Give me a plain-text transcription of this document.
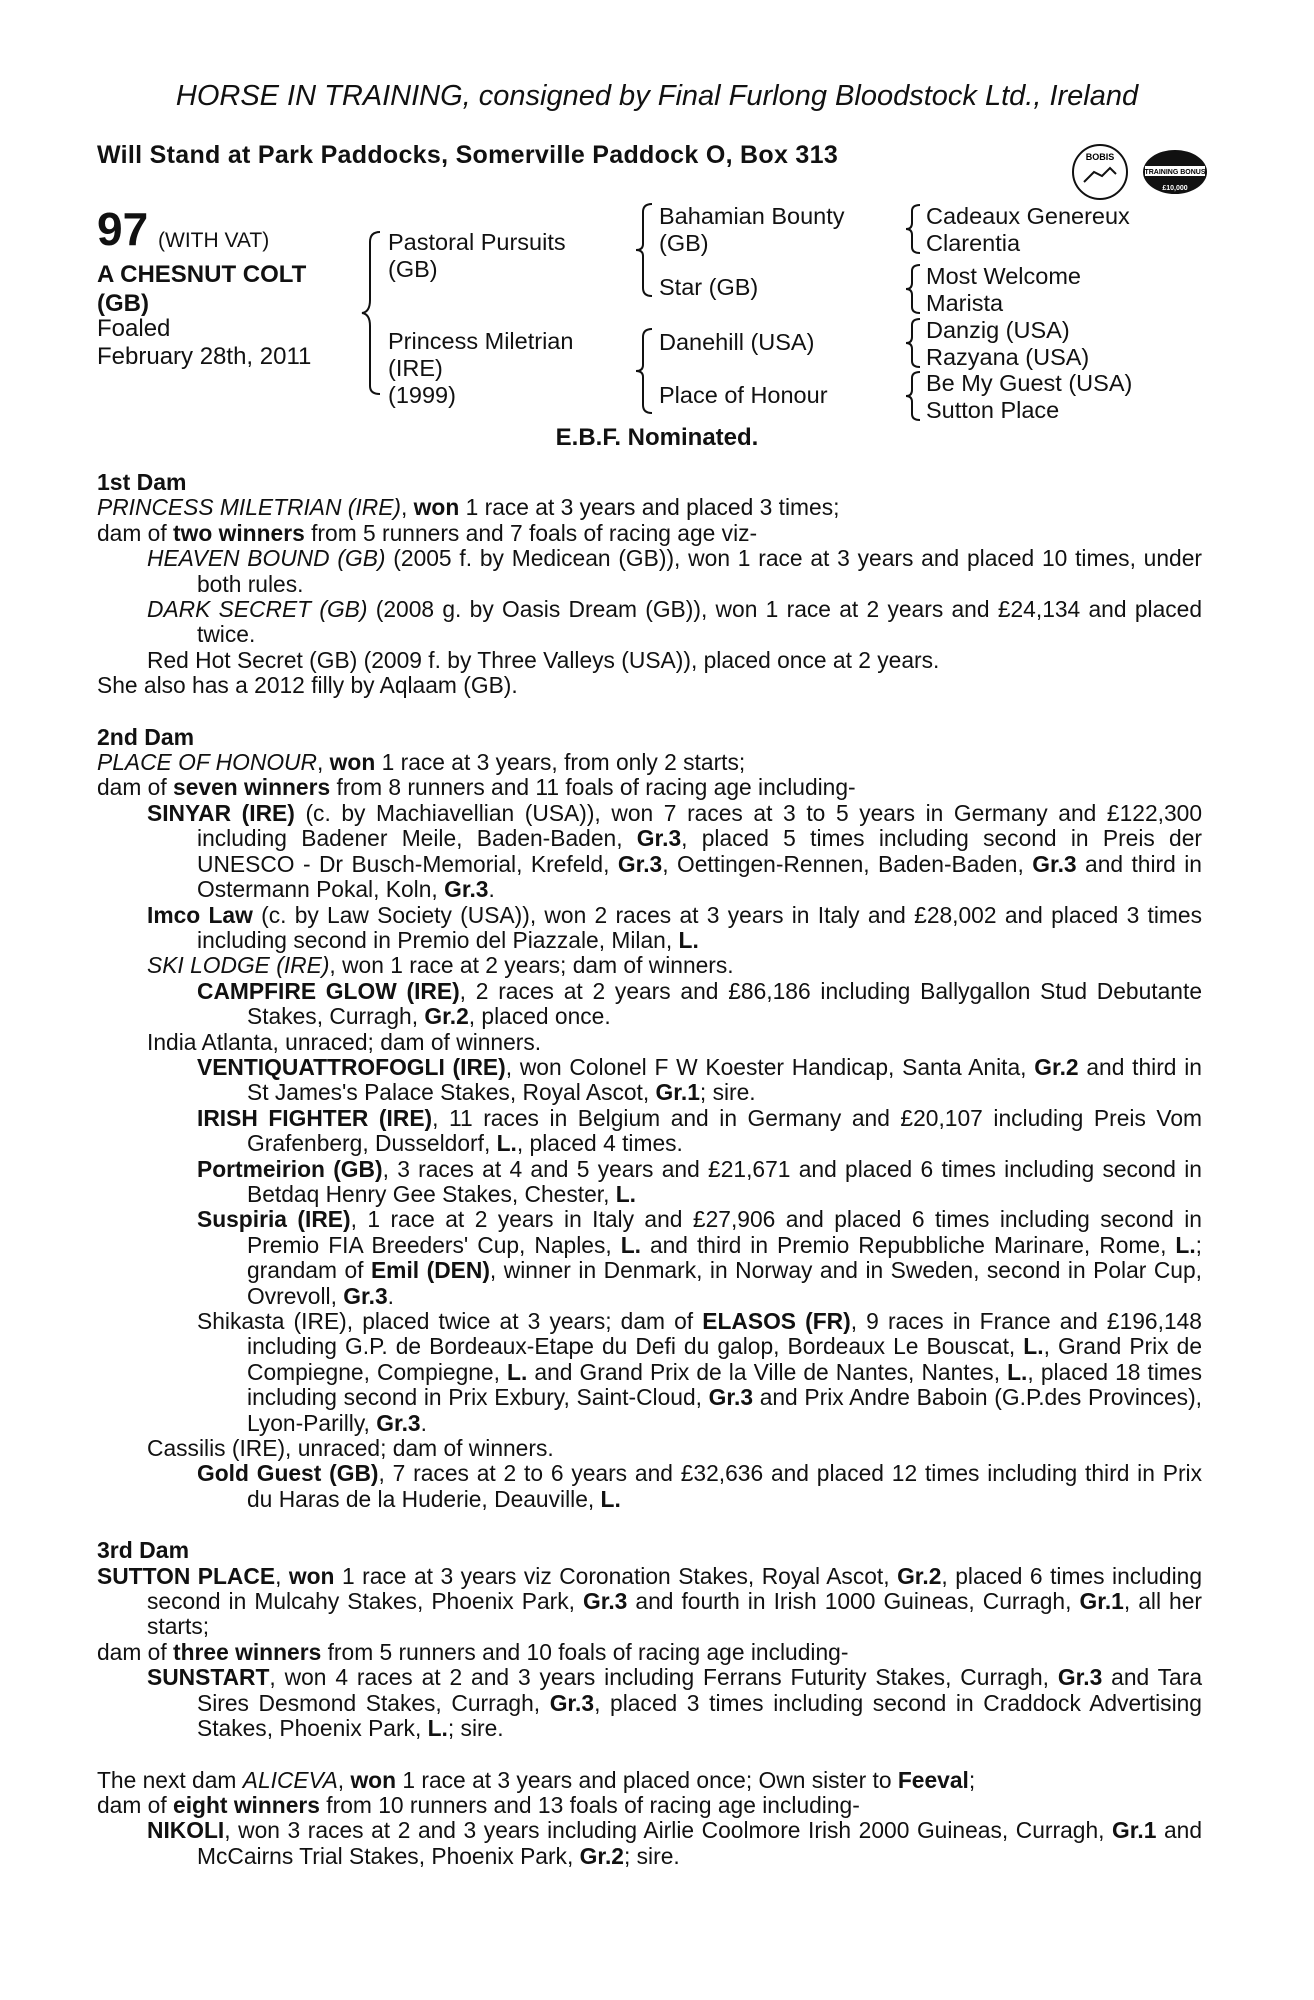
HORSE IN TRAINING, consigned by Final Furlong Bloodstock Ltd., Ireland
Will Stand at Park Paddocks, Somerville Paddock O, Box 313	BOBIS
TRAINING BONUS
£10,000
97 (WITH VAT)
A CHESNUT COLT
(GB)
Foaled
February 28th, 2011
Pastoral Pursuits
(GB)
Princess Miletrian
(IRE)
(1999)
Bahamian Bounty
(GB)
Star (GB)
Danehill (USA)
Place of Honour
Cadeaux Genereux
Clarentia
Most Welcome
Marista
Danzig (USA)
Razyana (USA)
Be My Guest (USA)
Sutton Place
E.B.F. Nominated.
1st Dam

PRINCESS MILETRIAN (IRE), won 1 race at 3 years and placed 3 times;

dam of two winners from 5 runners and 7 foals of racing age viz-

HEAVEN BOUND (GB) (2005 f. by Medicean (GB)), won 1 race at 3 years and placed 10 times, under both rules.

DARK SECRET (GB) (2008 g. by Oasis Dream (GB)), won 1 race at 2 years and £24,134 and placed twice.

Red Hot Secret (GB) (2009 f. by Three Valleys (USA)), placed once at 2 years.

She also has a 2012 filly by Aqlaam (GB).

2nd Dam

PLACE OF HONOUR, won 1 race at 3 years, from only 2 starts;

dam of seven winners from 8 runners and 11 foals of racing age including-

SINYAR (IRE) (c. by Machiavellian (USA)), won 7 races at 3 to 5 years in Germany and £122,300 including Badener Meile, Baden-Baden, Gr.3, placed 5 times including second in Preis der UNESCO - Dr Busch-Memorial, Krefeld, Gr.3, Oettingen-Rennen, Baden-Baden, Gr.3 and third in Ostermann Pokal, Koln, Gr.3.

Imco Law (c. by Law Society (USA)), won 2 races at 3 years in Italy and £28,002 and placed 3 times including second in Premio del Piazzale, Milan, L.

SKI LODGE (IRE), won 1 race at 2 years; dam of winners.

CAMPFIRE GLOW (IRE), 2 races at 2 years and £86,186 including Ballygallon Stud Debutante Stakes, Curragh, Gr.2, placed once.

India Atlanta, unraced; dam of winners.

VENTIQUATTROFOGLI (IRE), won Colonel F W Koester Handicap, Santa Anita, Gr.2 and third in St James's Palace Stakes, Royal Ascot, Gr.1; sire.

IRISH FIGHTER (IRE), 11 races in Belgium and in Germany and £20,107 including Preis Vom Grafenberg, Dusseldorf, L., placed 4 times.

Portmeirion (GB), 3 races at 4 and 5 years and £21,671 and placed 6 times including second in Betdaq Henry Gee Stakes, Chester, L.

Suspiria (IRE), 1 race at 2 years in Italy and £27,906 and placed 6 times including second in Premio FIA Breeders' Cup, Naples, L. and third in Premio Repubbliche Marinare, Rome, L.; grandam of Emil (DEN), winner in Denmark, in Norway and in Sweden, second in Polar Cup, Ovrevoll, Gr.3.

Shikasta (IRE), placed twice at 3 years; dam of ELASOS (FR), 9 races in France and £196,148 including G.P. de Bordeaux-Etape du Defi du galop, Bordeaux Le Bouscat, L., Grand Prix de Compiegne, Compiegne, L. and Grand Prix de la Ville de Nantes, Nantes, L., placed 18 times including second in Prix Exbury, Saint-Cloud, Gr.3 and Prix Andre Baboin (G.P.des Provinces), Lyon-Parilly, Gr.3.

Cassilis (IRE), unraced; dam of winners.

Gold Guest (GB), 7 races at 2 to 6 years and £32,636 and placed 12 times including third in Prix du Haras de la Huderie, Deauville, L.

3rd Dam

SUTTON PLACE, won 1 race at 3 years viz Coronation Stakes, Royal Ascot, Gr.2, placed 6 times including second in Mulcahy Stakes, Phoenix Park, Gr.3 and fourth in Irish 1000 Guineas, Curragh, Gr.1, all her starts;

dam of three winners from 5 runners and 10 foals of racing age including-

SUNSTART, won 4 races at 2 and 3 years including Ferrans Futurity Stakes, Curragh, Gr.3 and Tara Sires Desmond Stakes, Curragh, Gr.3, placed 3 times including second in Craddock Advertising Stakes, Phoenix Park, L.; sire.

The next dam ALICEVA, won 1 race at 3 years and placed once; Own sister to Feeval;

dam of eight winners from 10 runners and 13 foals of racing age including-

NIKOLI, won 3 races at 2 and 3 years including Airlie Coolmore Irish 2000 Guineas, Curragh, Gr.1 and McCairns Trial Stakes, Phoenix Park, Gr.2; sire.
